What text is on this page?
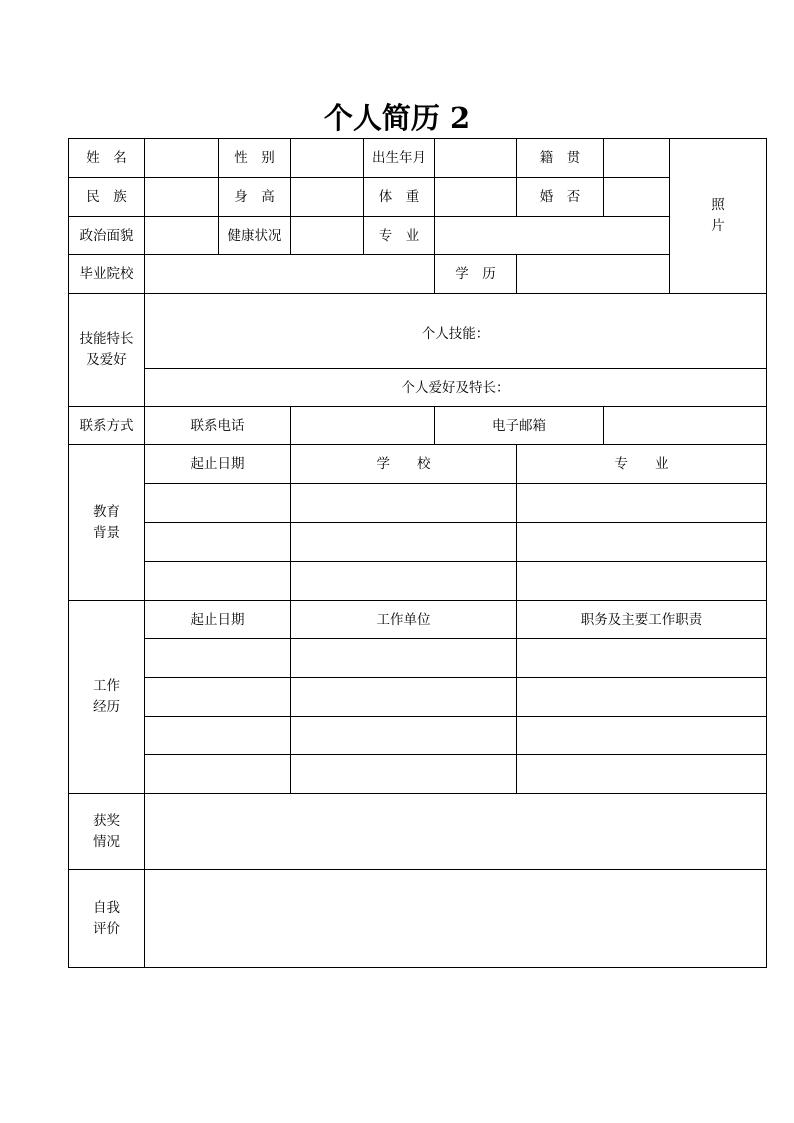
个人简历 2
姓　名		性　别		出生年月		籍　贯		照
片

民　族		身　高		体　重		婚　否		
政治面貌		健康状况		专　业				
毕业院校					学　历			

技能特长
及爱好	个人技能：							

	个人爱好及特长：							
联系方式	联系电话				电子邮箱			

教育
背景	起止日期		学　　校			专　　业		

工作
经历	起止日期		工作单位			职务及主要工作职责		

获奖
情况								

自我
评价								
